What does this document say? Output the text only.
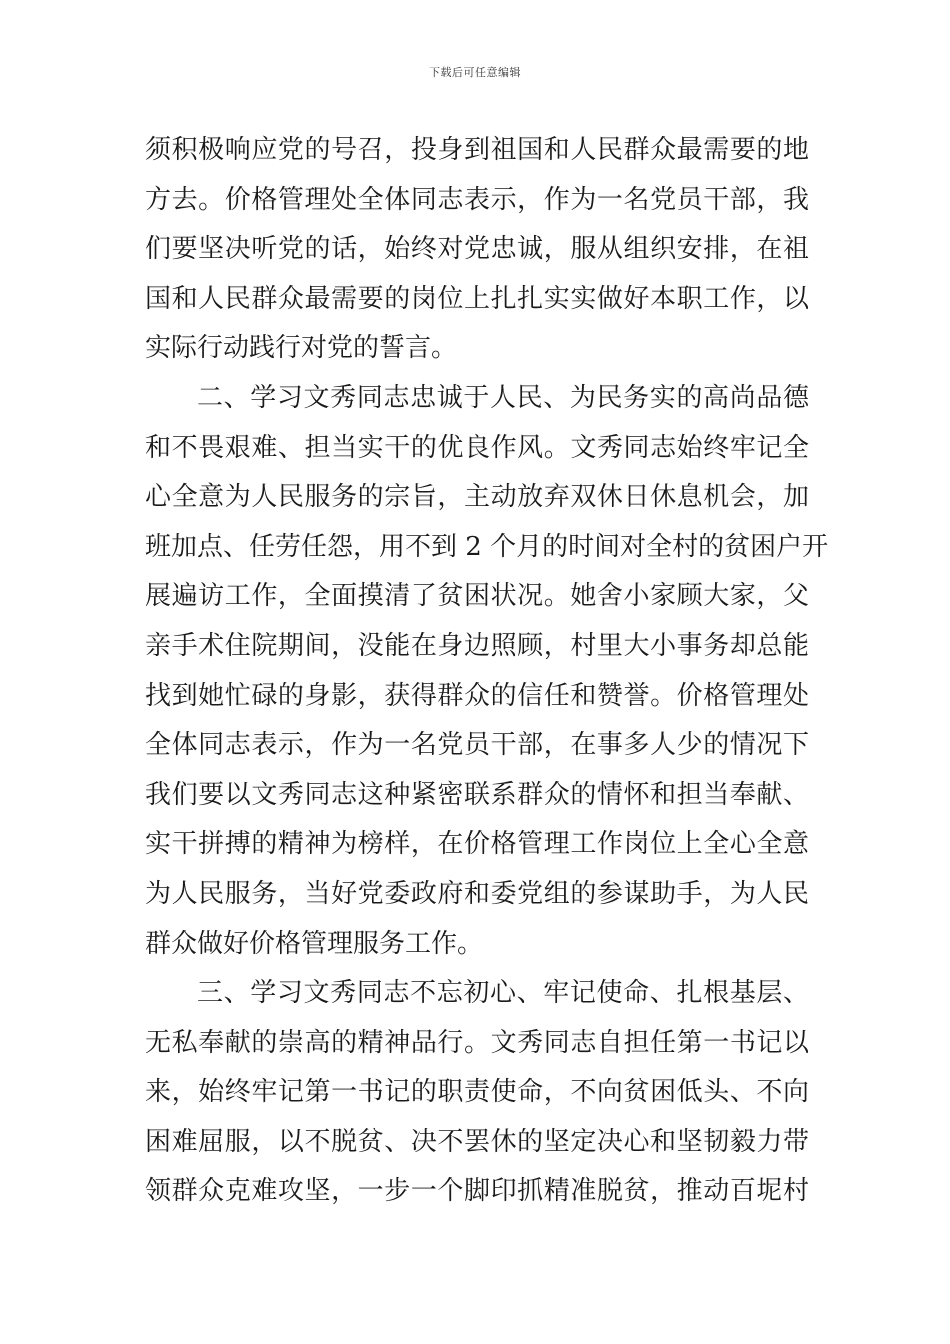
下载后可任意编辑
须积极响应党的号召，投身到祖国和人民群众最需要的地
方去。价格管理处全体同志表示，作为一名党员干部，我
们要坚决听党的话，始终对党忠诚，服从组织安排，在祖
国和人民群众最需要的岗位上扎扎实实做好本职工作，以
实际行动践行对党的誓言。
二、学习文秀同志忠诚于人民、为民务实的高尚品德
和不畏艰难、担当实干的优良作风。文秀同志始终牢记全
心全意为人民服务的宗旨，主动放弃双休日休息机会，加
班加点、任劳任怨，用不到 2 个月的时间对全村的贫困户开
展遍访工作，全面摸清了贫困状况。她舍小家顾大家，父
亲手术住院期间，没能在身边照顾，村里大小事务却总能
找到她忙碌的身影，获得群众的信任和赞誉。价格管理处
全体同志表示，作为一名党员干部，在事多人少的情况下
我们要以文秀同志这种紧密联系群众的情怀和担当奉献、
实干拼搏的精神为榜样，在价格管理工作岗位上全心全意
为人民服务，当好党委政府和委党组的参谋助手，为人民
群众做好价格管理服务工作。
三、学习文秀同志不忘初心、牢记使命、扎根基层、
无私奉献的崇高的精神品行。文秀同志自担任第一书记以
来，始终牢记第一书记的职责使命，不向贫困低头、不向
困难屈服，以不脱贫、决不罢休的坚定决心和坚韧毅力带
领群众克难攻坚，一步一个脚印抓精准脱贫，推动百坭村
